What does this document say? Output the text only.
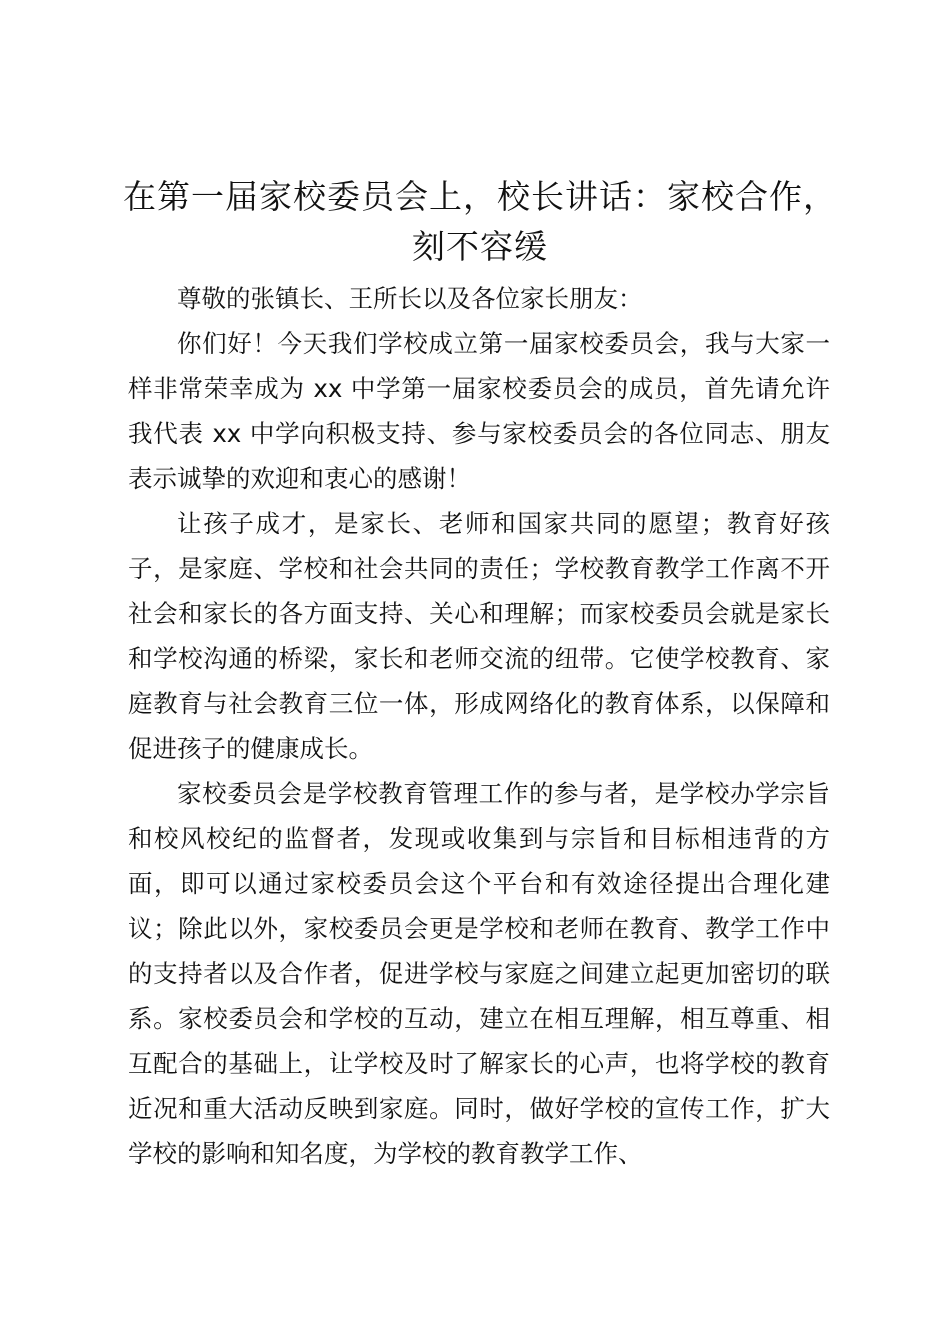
在第一届家校委员会上，校长讲话：家校合作，
刻不容缓

尊敬的张镇长、王所长以及各位家长朋友：

你们好！今天我们学校成立第一届家校委员会，我与大家一样非常荣幸成为 xx 中学第一届家校委员会的成员，首先请允许我代表 xx 中学向积极支持、参与家校委员会的各位同志、朋友表示诚挚的欢迎和衷心的感谢！

让孩子成才，是家长、老师和国家共同的愿望；教育好孩子，是家庭、学校和社会共同的责任；学校教育教学工作离不开社会和家长的各方面支持、关心和理解；而家校委员会就是家长和学校沟通的桥梁，家长和老师交流的纽带。它使学校教育、家庭教育与社会教育三位一体，形成网络化的教育体系，以保障和促进孩子的健康成长。

家校委员会是学校教育管理工作的参与者，是学校办学宗旨和校风校纪的监督者，发现或收集到与宗旨和目标相违背的方面，即可以通过家校委员会这个平台和有效途径提出合理化建议；除此以外，家校委员会更是学校和老师在教育、教学工作中的支持者以及合作者，促进学校与家庭之间建立起更加密切的联系。家校委员会和学校的互动，建立在相互理解，相互尊重、相互配合的基础上，让学校及时了解家长的心声，也将学校的教育近况和重大活动反映到家庭。同时，做好学校的宣传工作，扩大学校的影响和知名度，为学校的教育教学工作、
